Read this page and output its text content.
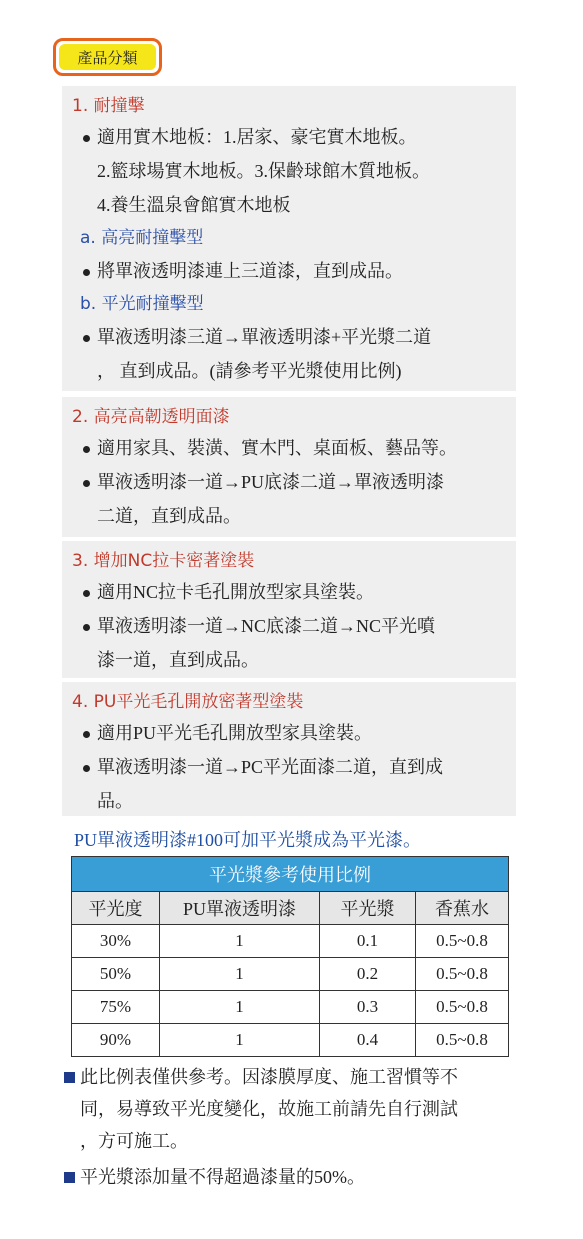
產品分類
1. 耐撞擊
適用實木地板：1.居家、豪宅實木地板。
2.籃球場實木地板。3.保齡球館木質地板。
4.養生溫泉會館實木地板
a. 高亮耐撞擊型
將單液透明漆連上三道漆，直到成品。
b. 平光耐撞擊型
單液透明漆三道→單液透明漆+平光漿二道
， 直到成品。(請參考平光漿使用比例)
2. 高亮高韌透明面漆
適用家具、裝潢、實木門、桌面板、藝品等。
單液透明漆一道→PU底漆二道→單液透明漆
二道，直到成品。
3. 增加NC拉卡密著塗裝
適用NC拉卡毛孔開放型家具塗裝。
單液透明漆一道→NC底漆二道→NC平光噴
漆一道，直到成品。
4. PU平光毛孔開放密著型塗裝
適用PU平光毛孔開放型家具塗裝。
單液透明漆一道→PC平光面漆二道，直到成
品。
PU單液透明漆#100可加平光漿成為平光漆。
平光漿參考使用比例			
平光度	PU單液透明漆	平光漿	香蕉水
30%	1	0.1	0.5~0.8
50%	1	0.2	0.5~0.8
75%	1	0.3	0.5~0.8
90%	1	0.4	0.5~0.8
此比例表僅供參考。因漆膜厚度、施工習慣等不
同，易導致平光度變化，故施工前請先自行測試
，方可施工。
平光漿添加量不得超過漆量的50%。
